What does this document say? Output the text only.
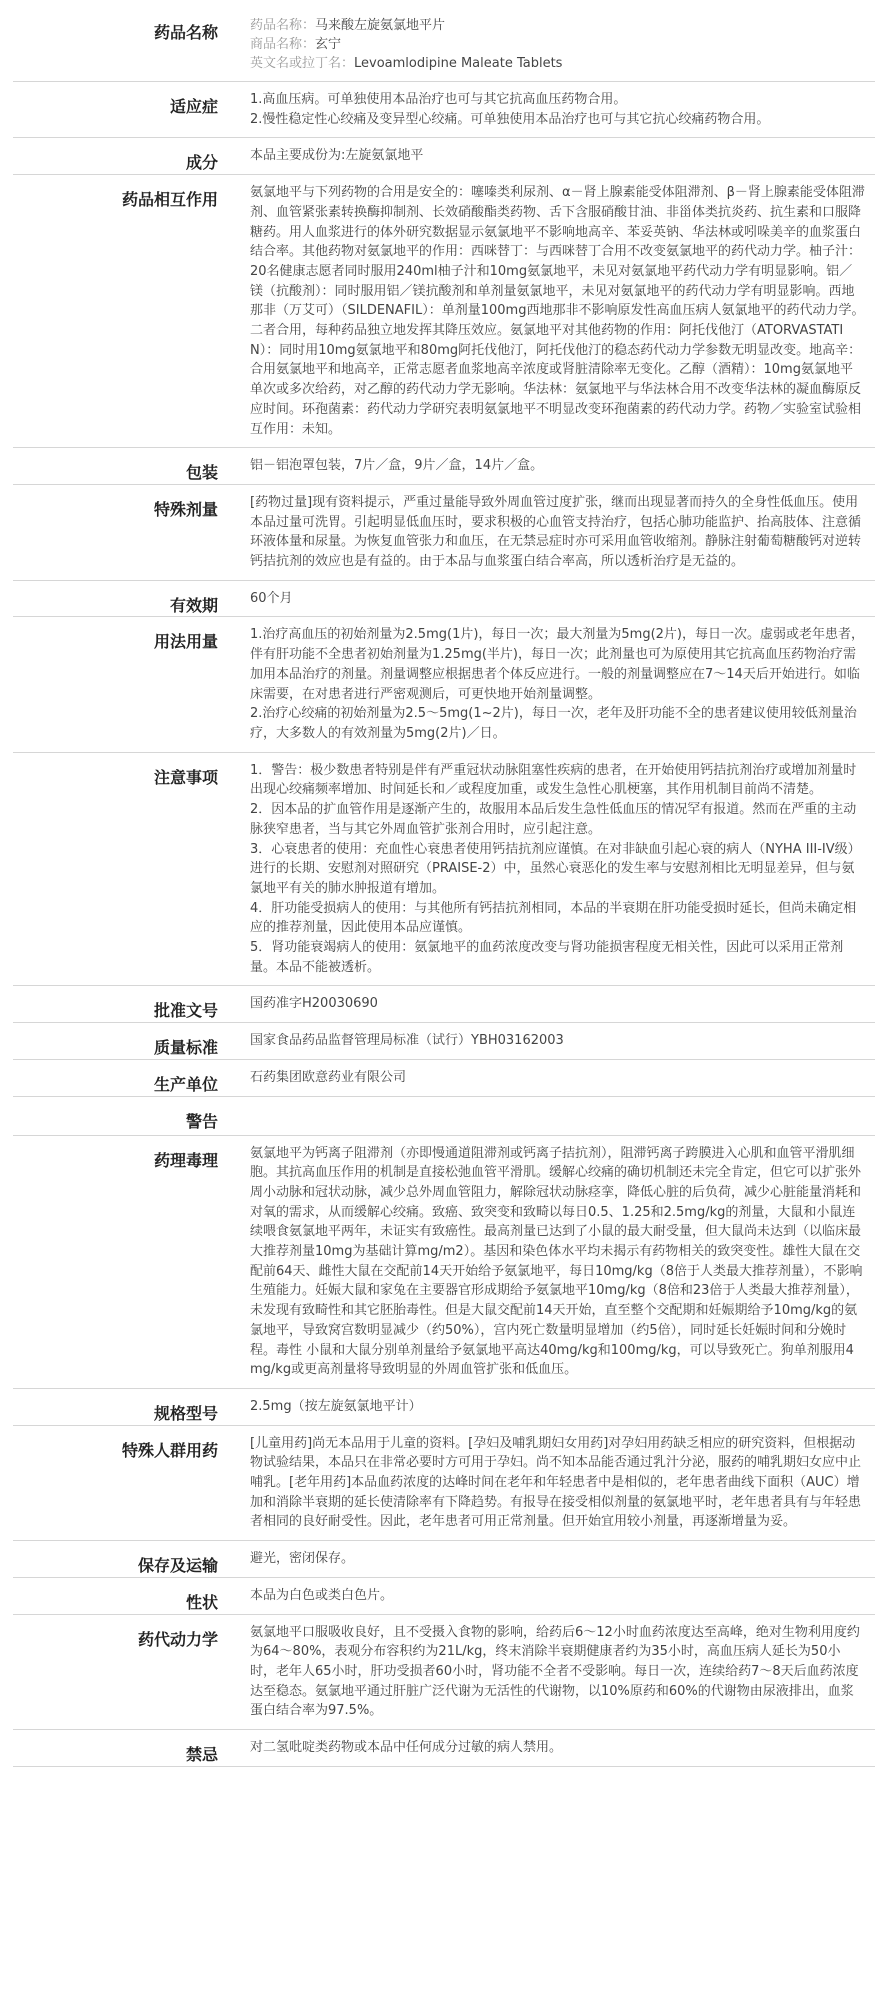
药品名称	药品名称：马来酸左旋氨氯地平片
商品名称：玄宁
英文名或拉丁名：Levoamlodipine Maleate Tablets

适应症	1.高血压病。可单独使用本品治疗也可与其它抗高血压药物合用。

2.慢性稳定性心绞痛及变异型心绞痛。可单独使用本品治疗也可与其它抗心绞痛药物合用。

成分	本品主要成份为:左旋氨氯地平

药品相互作用	氨氯地平与下列药物的合用是安全的：噻嗪类利尿剂、α－肾上腺素能受体阻滞剂、β－肾上腺素能受体阻滞剂、血管紧张素转换酶抑制剂、长效硝酸酯类药物、舌下含服硝酸甘油、非甾体类抗炎药、抗生素和口服降糖药。用人血浆进行的体外研究数据显示氨氯地平不影响地高辛、苯妥英钠、华法林或吲哚美辛的血浆蛋白结合率。其他药物对氨氯地平的作用：西咪替丁：与西咪替丁合用不改变氨氯地平的药代动力学。柚子汁：20名健康志愿者同时服用240ml柚子汁和10mg氨氯地平，未见对氨氯地平药代动力学有明显影响。铝／镁（抗酸剂）：同时服用铝／镁抗酸剂和单剂量氨氯地平，未见对氨氯地平的药代动力学有明显影响。西地那非（万艾可）（SILDENAFIL）：单剂量100mg西地那非不影响原发性高血压病人氨氯地平的药代动力学。二者合用，每种药品独立地发挥其降压效应。氨氯地平对其他药物的作用：阿托伐他汀（ATORVASTATIN）：同时用10mg氨氯地平和80mg阿托伐他汀，阿托伐他汀的稳态药代动力学参数无明显改变。地高辛：合用氨氯地平和地高辛，正常志愿者血浆地高辛浓度或肾脏清除率无变化。乙醇（酒精）：10mg氨氯地平单次或多次给药，对乙醇的药代动力学无影响。华法林：氨氯地平与华法林合用不改变华法林的凝血酶原反应时间。环孢菌素：药代动力学研究表明氨氯地平不明显改变环孢菌素的药代动力学。药物／实验室试验相互作用：未知。

包装	铝－铝泡罩包装，7片／盒，9片／盒，14片／盒。

特殊剂量	[药物过量]现有资料提示，严重过量能导致外周血管过度扩张，继而出现显著而持久的全身性低血压。使用本品过量可洗胃。引起明显低血压时，要求积极的心血管支持治疗，包括心肺功能监护、抬高肢体、注意循环液体量和尿量。为恢复血管张力和血压，在无禁忌症时亦可采用血管收缩剂。静脉注射葡萄糖酸钙对逆转钙拮抗剂的效应也是有益的。由于本品与血浆蛋白结合率高，所以透析治疗是无益的。

有效期	60个月

用法用量	1.治疗高血压的初始剂量为2.5mg(1片)，每日一次；最大剂量为5mg(2片)，每日一次。虚弱或老年患者，伴有肝功能不全患者初始剂量为1.25mg(半片)，每日一次；此剂量也可为原使用其它抗高血压药物治疗需加用本品治疗的剂量。剂量调整应根据患者个体反应进行。一般的剂量调整应在7～14天后开始进行。如临床需要，在对患者进行严密观测后，可更快地开始剂量调整。

2.治疗心绞痛的初始剂量为2.5～5mg(1~2片)，每日一次，老年及肝功能不全的患者建议使用较低剂量治疗，大多数人的有效剂量为5mg(2片)／日。

注意事项	1．警告：极少数患者特别是伴有严重冠状动脉阻塞性疾病的患者，在开始使用钙拮抗剂治疗或增加剂量时出现心绞痛频率增加、时间延长和／或程度加重，或发生急性心肌梗塞，其作用机制目前尚不清楚。

2．因本品的扩血管作用是逐渐产生的，故服用本品后发生急性低血压的情况罕有报道。然而在严重的主动脉狭窄患者，当与其它外周血管扩张剂合用时，应引起注意。

3．心衰患者的使用：充血性心衰患者使用钙拮抗剂应谨慎。在对非缺血引起心衰的病人（NYHA III-IV级）进行的长期、安慰剂对照研究（PRAISE-2）中，虽然心衰恶化的发生率与安慰剂相比无明显差异，但与氨氯地平有关的肺水肿报道有增加。

4．肝功能受损病人的使用：与其他所有钙拮抗剂相同，本品的半衰期在肝功能受损时延长，但尚未确定相应的推荐剂量，因此使用本品应谨慎。

5．肾功能衰竭病人的使用：氨氯地平的血药浓度改变与肾功能损害程度无相关性，因此可以采用正常剂量。本品不能被透析。

批准文号	国药准字H20030690

质量标准	国家食品药品监督管理局标准（试行）YBH03162003

生产单位	石药集团欧意药业有限公司

警告	

药理毒理	氨氯地平为钙离子阻滞剂（亦即慢通道阻滞剂或钙离子拮抗剂），阻滞钙离子跨膜进入心肌和血管平滑肌细胞。其抗高血压作用的机制是直接松弛血管平滑肌。缓解心绞痛的确切机制还未完全肯定，但它可以扩张外周小动脉和冠状动脉，减少总外周血管阻力，解除冠状动脉痉挛，降低心脏的后负荷，减少心脏能量消耗和对氧的需求，从而缓解心绞痛。致癌、致突变和致畸以每日0.5、1.25和2.5mg/kg的剂量，大鼠和小鼠连续喂食氨氯地平两年，未证实有致癌性。最高剂量已达到了小鼠的最大耐受量，但大鼠尚未达到（以临床最大推荐剂量10mg为基础计算mg/m2）。基因和染色体水平均未揭示有药物相关的致突变性。雄性大鼠在交配前64天、雌性大鼠在交配前14天开始给予氨氯地平，每日10mg/kg（8倍于人类最大推荐剂量），不影响生殖能力。妊娠大鼠和家兔在主要器官形成期给予氨氯地平10mg/kg（8倍和23倍于人类最大推荐剂量），未发现有致畸性和其它胚胎毒性。但是大鼠交配前14天开始，直至整个交配期和妊娠期给予10mg/kg的氨氯地平，导致窝宫数明显减少（约50%），宫内死亡数量明显增加（约5倍），同时延长妊娠时间和分娩时程。毒性 小鼠和大鼠分别单剂量给予氨氯地平高达40mg/kg和100mg/kg，可以导致死亡。狗单剂服用4mg/kg或更高剂量将导致明显的外周血管扩张和低血压。

规格型号	2.5mg（按左旋氨氯地平计）

特殊人群用药	[儿童用药]尚无本品用于儿童的资料。[孕妇及哺乳期妇女用药]对孕妇用药缺乏相应的研究资料，但根据动物试验结果，本品只在非常必要时方可用于孕妇。尚不知本品能否通过乳汁分泌，服药的哺乳期妇女应中止哺乳。[老年用药]本品血药浓度的达峰时间在老年和年轻患者中是相似的，老年患者曲线下面积（AUC）增加和消除半衰期的延长使清除率有下降趋势。有报导在接受相似剂量的氨氯地平时，老年患者具有与年轻患者相同的良好耐受性。因此，老年患者可用正常剂量。但开始宜用较小剂量，再逐渐增量为妥。

保存及运输	避光，密闭保存。

性状	本品为白色或类白色片。

药代动力学	氨氯地平口服吸收良好，且不受摄入食物的影响，给药后6～12小时血药浓度达至高峰，绝对生物利用度约为64～80%，表观分布容积约为21L/kg，终末消除半衰期健康者约为35小时，高血压病人延长为50小时，老年人65小时，肝功受损者60小时，肾功能不全者不受影响。每日一次，连续给药7～8天后血药浓度达至稳态。氨氯地平通过肝脏广泛代谢为无活性的代谢物，以10%原药和60%的代谢物由尿液排出，血浆蛋白结合率为97.5%。

禁忌	对二氢吡啶类药物或本品中任何成分过敏的病人禁用。
